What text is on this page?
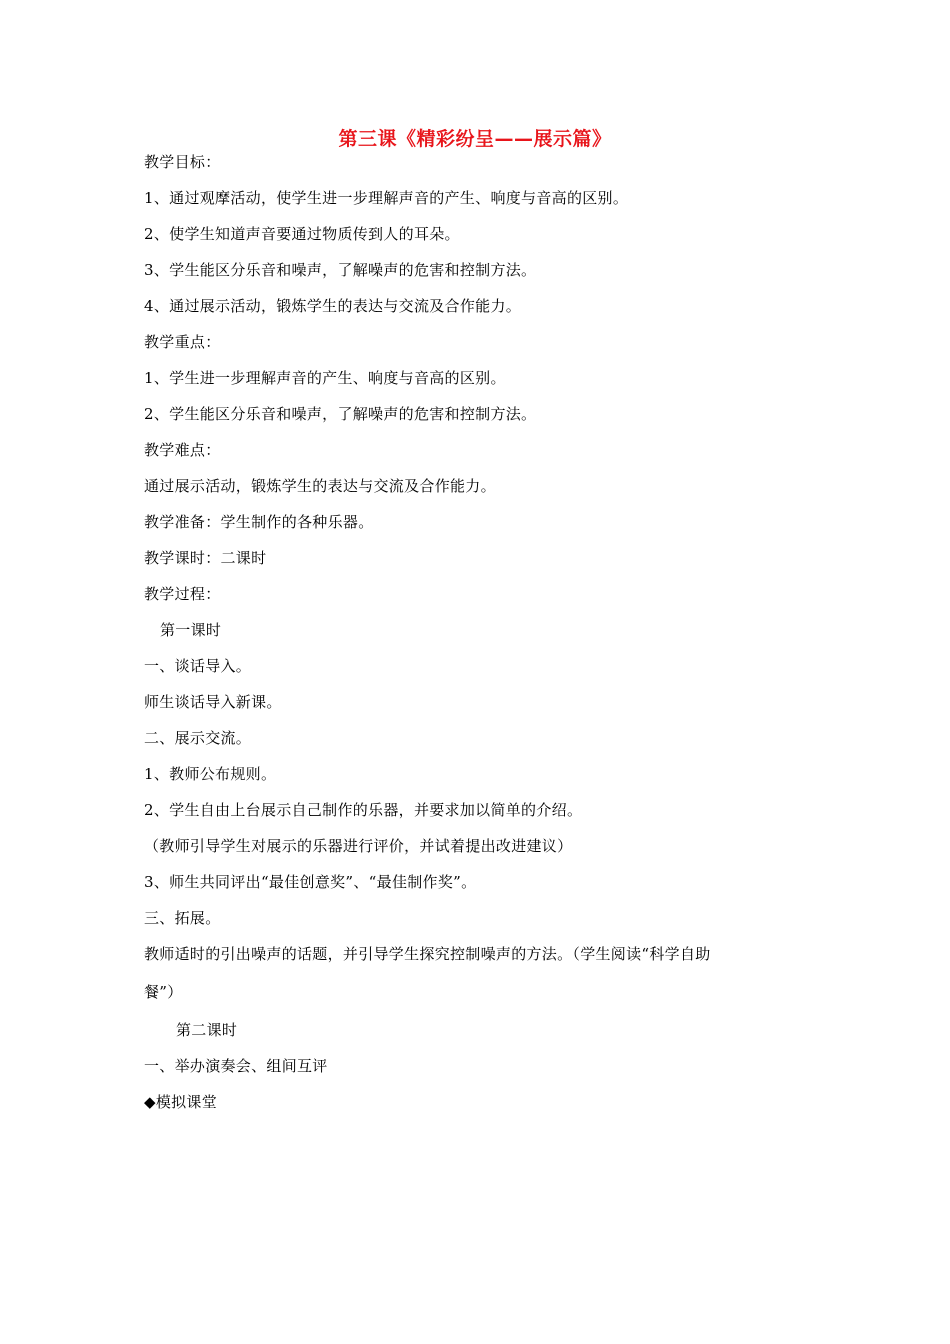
第三课《精彩纷呈——展示篇》
教学目标：
1、通过观摩活动，使学生进一步理解声音的产生、响度与音高的区别。
2、使学生知道声音要通过物质传到人的耳朵。
3、学生能区分乐音和噪声，了解噪声的危害和控制方法。
4、通过展示活动，锻炼学生的表达与交流及合作能力。
教学重点：
1、学生进一步理解声音的产生、响度与音高的区别。
2、学生能区分乐音和噪声，了解噪声的危害和控制方法。
教学难点：
通过展示活动，锻炼学生的表达与交流及合作能力。
教学准备：学生制作的各种乐器。
教学课时：二课时
教学过程：
第一课时
一、谈话导入。
师生谈话导入新课。
二、展示交流。
1、教师公布规则。
2、学生自由上台展示自己制作的乐器，并要求加以简单的介绍。
（教师引导学生对展示的乐器进行评价，并试着提出改进建议）
3、师生共同评出“最佳创意奖”、“最佳制作奖”。
三、拓展。
教师适时的引出噪声的话题，并引导学生探究控制噪声的方法。（学生阅读“科学自助
餐”）
第二课时
一、举办演奏会、组间互评
◆模拟课堂
